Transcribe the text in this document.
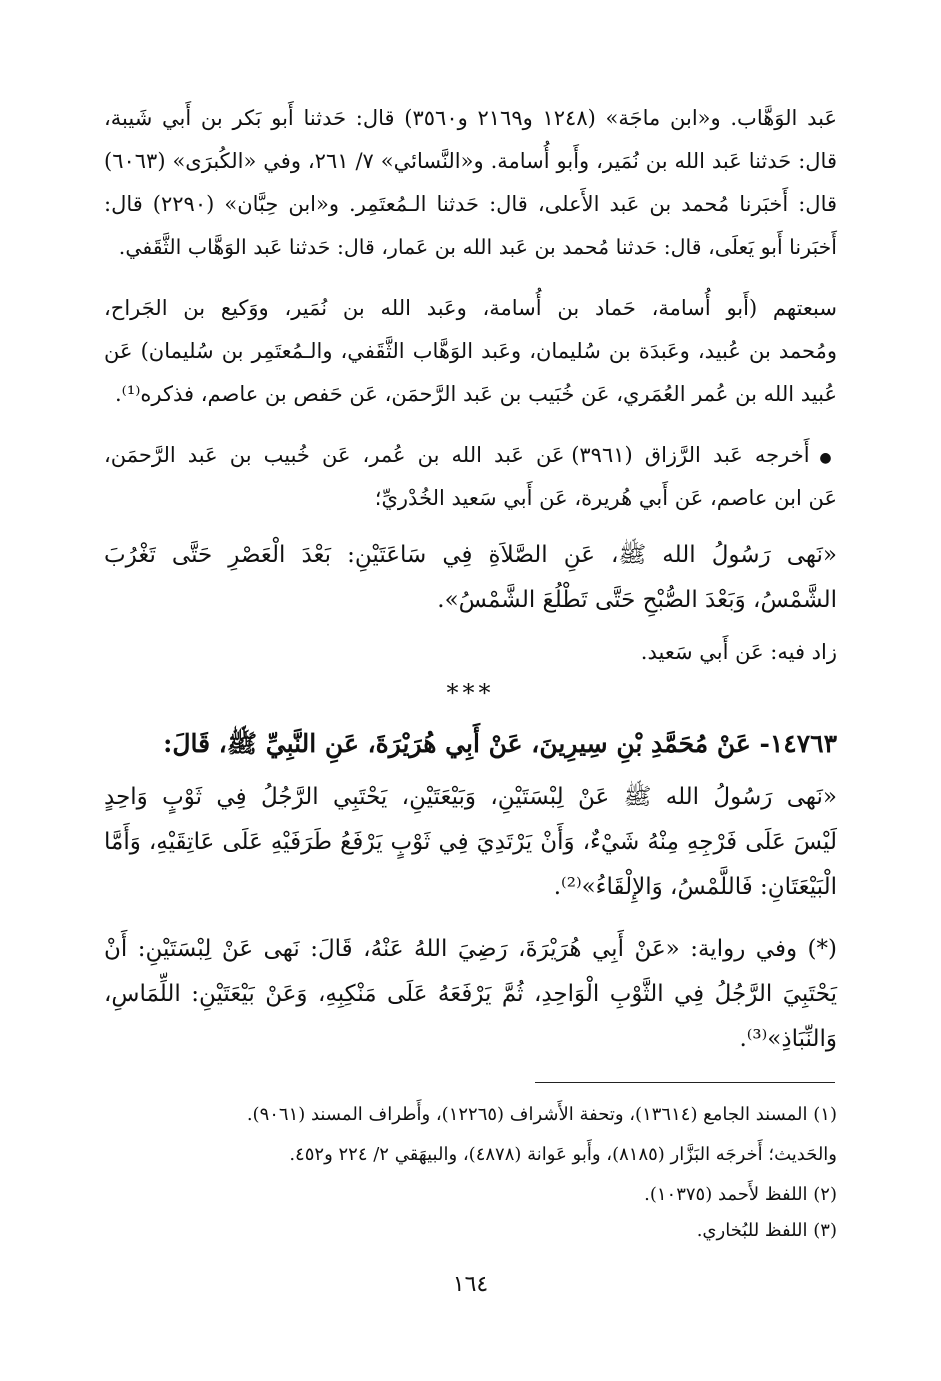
عَبد الوَهَّاب. و«ابن ماجَة» (١٢٤٨ و٢١٦٩ و٣٥٦٠) قال: حَدثنا أَبو بَكر بن أَبي شَيبة،
قال: حَدثنا عَبد الله بن نُمَير، وأَبو أُسامة. و«النَّسائي» ٧/ ٢٦١، وفي «الكُبرَى» (٦٠٦٣)
قال: أَخبَرنا مُحمد بن عَبد الأَعلى، قال: حَدثنا الـمُعتَمِر. و«ابن حِبَّان» (٢٢٩٠) قال:
أَخبَرنا أَبو يَعلَى، قال: حَدثنا مُحمد بن عَبد الله بن عَمار، قال: حَدثنا عَبد الوَهَّاب الثَّقَفي.
سبعتهم (أَبو أُسامة، حَماد بن أُسامة، وعَبد الله بن نُمَير، ووَكيع بن الجَراح،
ومُحمد بن عُبيد، وعَبدَة بن سُليمان، وعَبد الوَهَّاب الثَّقَفي، والـمُعتَمِر بن سُليمان) عَن
عُبيد الله بن عُمر العُمَري، عَن خُبَيب بن عَبد الرَّحمَن، عَن حَفص بن عاصم، فذكره⁽¹⁾.
● أَخرجه عَبد الرَّزاق (٣٩٦١) عَن عَبد الله بن عُمر، عَن خُبيب بن عَبد الرَّحمَن،
عَن ابن عاصم، عَن أَبي هُريرة، عَن أَبي سَعيد الخُدْريِّ؛
«نَهى رَسُولُ الله ﷺ، عَنِ الصَّلاَةِ فِي سَاعَتَيْنِ: بَعْدَ الْعَصْرِ حَتَّى تَغْرُبَ
الشَّمْسُ، وَبَعْدَ الصُّبْحِ حَتَّى تَطْلُعَ الشَّمْسُ».
زاد فيه: عَن أَبي سَعيد.
***
١٤٧٦٣- عَنْ مُحَمَّدِ بْنِ سِيرِينَ، عَنْ أَبِي هُرَيْرَةَ، عَنِ النَّبِيِّ ﷺ، قَالَ:
«نَهى رَسُولُ الله ﷺ عَنْ لِبْسَتَيْنِ، وَبَيْعَتَيْنِ، يَحْتَبِي الرَّجُلُ فِي ثَوْبٍ وَاحِدٍ
لَيْسَ عَلَى فَرْجِهِ مِنْهُ شَيْءٌ، وَأَنْ يَرْتَدِيَ فِي ثَوْبٍ يَرْفَعُ طَرَفَيْهِ عَلَى عَاتِقَيْهِ، وَأَمَّا
الْبَيْعَتَانِ: فَاللَّمْسُ، وَالإِلْقَاءُ»⁽²⁾.
(*) وفي رواية: «عَنْ أَبِي هُرَيْرَةَ، رَضِيَ اللهُ عَنْهُ، قَالَ: نَهى عَنْ لِبْسَتَيْنِ: أَنْ
يَحْتَبِيَ الرَّجُلُ فِي الثَّوْبِ الْوَاحِدِ، ثُمَّ يَرْفَعَهُ عَلَى مَنْكِبِهِ، وَعَنْ بَيْعَتَيْنِ: اللِّمَاسِ،
وَالنِّبَاذِ»⁽³⁾.
(١) المسند الجامع (١٣٦١٤)، وتحفة الأَشراف (١٢٢٦٥)، وأَطراف المسند (٩٠٦١).
والحَديث؛ أَخرجَه البَزَّار (٨١٨٥)، وأَبو عَوانة (٤٨٧٨)، والبيهَقي ٢/ ٢٢٤ و٤٥٢.
(٢) اللفظ لأَحمد (١٠٣٧٥).
(٣) اللفظ للبُخاري.
١٦٤
